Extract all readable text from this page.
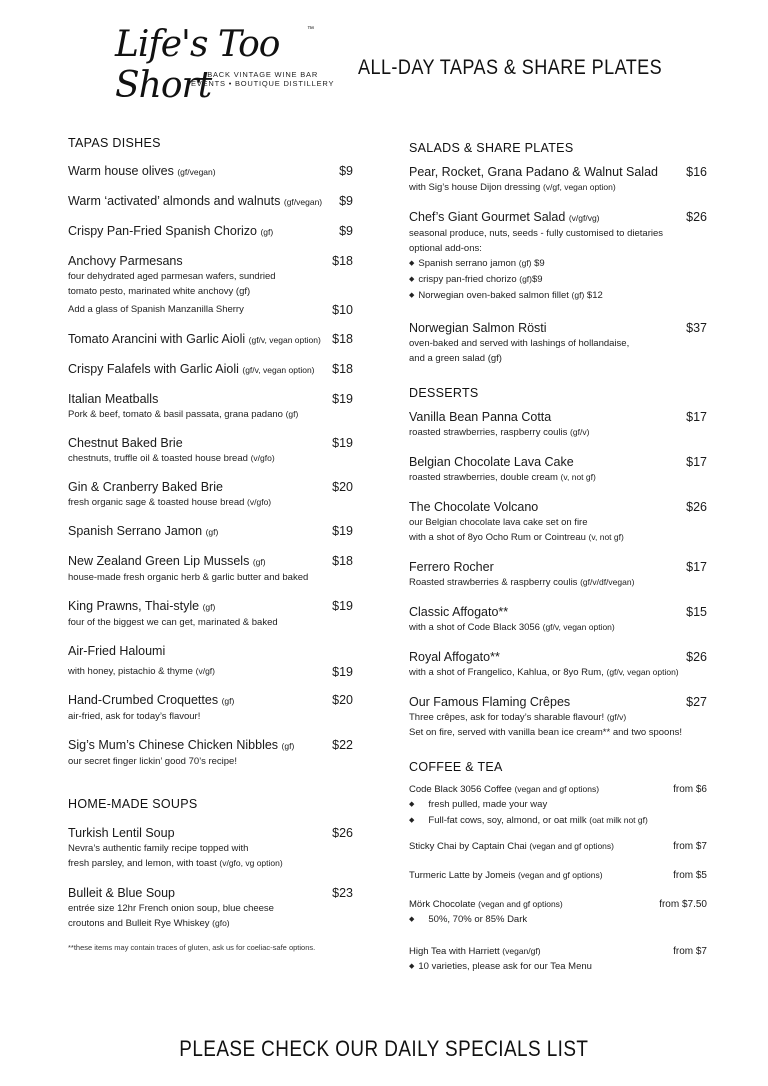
Life's Too Short
™
BACK VINTAGE WINE BAR
EVENTS • BOUTIQUE DISTILLERY
ALL-DAY TAPAS & SHARE PLATES
TAPAS DISHES
Warm house olives (gf/vegan)	$9
Warm ‘activated’ almonds and walnuts (gf/vegan)	$9
Crispy Pan-Fried Spanish Chorizo (gf)	$9
Anchovy Parmesans	$18
four dehydrated aged parmesan wafers, sundried
tomato pesto, marinated white anchovy (gf)
Add a glass of Spanish Manzanilla Sherry	$10
Tomato Arancini with Garlic Aioli (gf/v, vegan option) $18
Crispy Falafels with Garlic Aioli (gf/v, vegan option)	$18
Italian Meatballs	$19
Pork & beef, tomato & basil passata, grana padano (gf)
Chestnut Baked Brie	$19
chestnuts, truffle oil & toasted house bread (v/gfo)
Gin & Cranberry Baked Brie	$20
fresh organic sage & toasted house bread (v/gfo)
Spanish Serrano Jamon (gf)	$19
New Zealand Green Lip Mussels (gf)	$18
house-made fresh organic herb & garlic butter and baked
King Prawns, Thai-style (gf)	$19
four of the biggest we can get, marinated & baked
Air-Fried Haloumi
with honey, pistachio & thyme (v/gf)	$19
Hand-Crumbed Croquettes (gf)	$20
air-fried, ask for today’s flavour!
Sig’s Mum’s Chinese Chicken Nibbles (gf)	$22
our secret finger lickin’ good 70’s recipe!
HOME-MADE SOUPS
Turkish Lentil Soup	$26
Nevra’s authentic family recipe topped with
fresh parsley, and lemon, with toast (v/gfo, vg option)
Bulleit & Blue Soup	$23
entrée size 12hr French onion soup, blue cheese
croutons and Bulleit Rye Whiskey (gfo)
**these items may contain traces of gluten, ask us for coeliac-safe options.
SALADS & SHARE PLATES
Pear, Rocket, Grana Padano & Walnut Salad	$16
with Sig’s house Dijon dressing (v/gf, vegan option)
Chef’s Giant Gourmet Salad (v/gf/vg)	$26
seasonal produce, nuts, seeds - fully customised to dietaries
optional add-ons:
◆ Spanish serrano jamon (gf) $9
◆ crispy pan-fried chorizo (gf)$9
◆ Norwegian oven-baked salmon fillet (gf) $12
Norwegian Salmon Rösti	$37
oven-baked and served with lashings of hollandaise,
and a green salad (gf)
DESSERTS
Vanilla Bean Panna Cotta	$17
roasted strawberries, raspberry coulis (gf/v)
Belgian Chocolate Lava Cake	$17
roasted strawberries, double cream (v, not gf)
The Chocolate Volcano	$26
our Belgian chocolate lava cake set on fire
with a shot of 8yo Ocho Rum or Cointreau (v, not gf)
Ferrero Rocher	$17
Roasted strawberries & raspberry coulis (gf/v/df/vegan)
Classic Affogato**	$15
with a shot of Code Black 3056 (gf/v, vegan option)
Royal Affogato**	$26
with a shot of Frangelico, Kahlua, or 8yo Rum, (gf/v, vegan option)
Our Famous Flaming Crêpes	$27
Three crêpes, ask for today’s sharable flavour! (gf/v)
Set on fire, served with vanilla bean ice cream** and two spoons!
COFFEE & TEA
Code Black 3056 Coffee (vegan and gf options)	from $6
◆ fresh pulled, made your way
◆ Full-fat cows, soy, almond, or oat milk (oat milk not gf)
Sticky Chai by Captain Chai (vegan and gf options)	from $7
Turmeric Latte by Jomeis (vegan and gf options)	from $5
Mörk Chocolate (vegan and gf options)	from $7.50
◆ 50%, 70% or 85% Dark
High Tea with Harriett (vegan/gf)	from $7
◆ 10 varieties, please ask for our Tea Menu
PLEASE CHECK OUR DAILY SPECIALS LIST
